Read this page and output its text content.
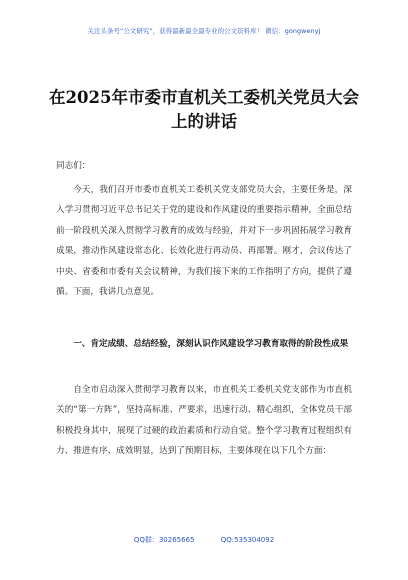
关注头条号“公文研究”，获得最新最全最专业的公文资料库！ 微信：gongwenyj
在2025年市委市直机关工委机关党员大会上的讲话
同志们：
今天，我们召开市委市直机关工委机关党支部党员大会，主要任务是，深入学习贯彻习近平总书记关于党的建设和作风建设的重要指示精神，全面总结前一阶段机关深入贯彻学习教育的成效与经验，并对下一步巩固拓展学习教育成果，推动作风建设常态化、长效化进行再动员、再部署。刚才，会议传达了中央、省委和市委有关会议精神，为我们接下来的工作指明了方向，提供了遵循。下面，我讲几点意见。
一、肯定成绩、总结经验，深刻认识作风建设学习教育取得的阶段性成果
自全市启动深入贯彻学习教育以来，市直机关工委机关党支部作为市直机关的“第一方阵”，坚持高标准、严要求，迅速行动、精心组织，全体党员干部积极投身其中，展现了过硬的政治素质和行动自觉。整个学习教育过程组织有力、推进有序、成效明显，达到了预期目标，主要体现在以下几个方面：
QQ群：30265665	QQ:535304092
